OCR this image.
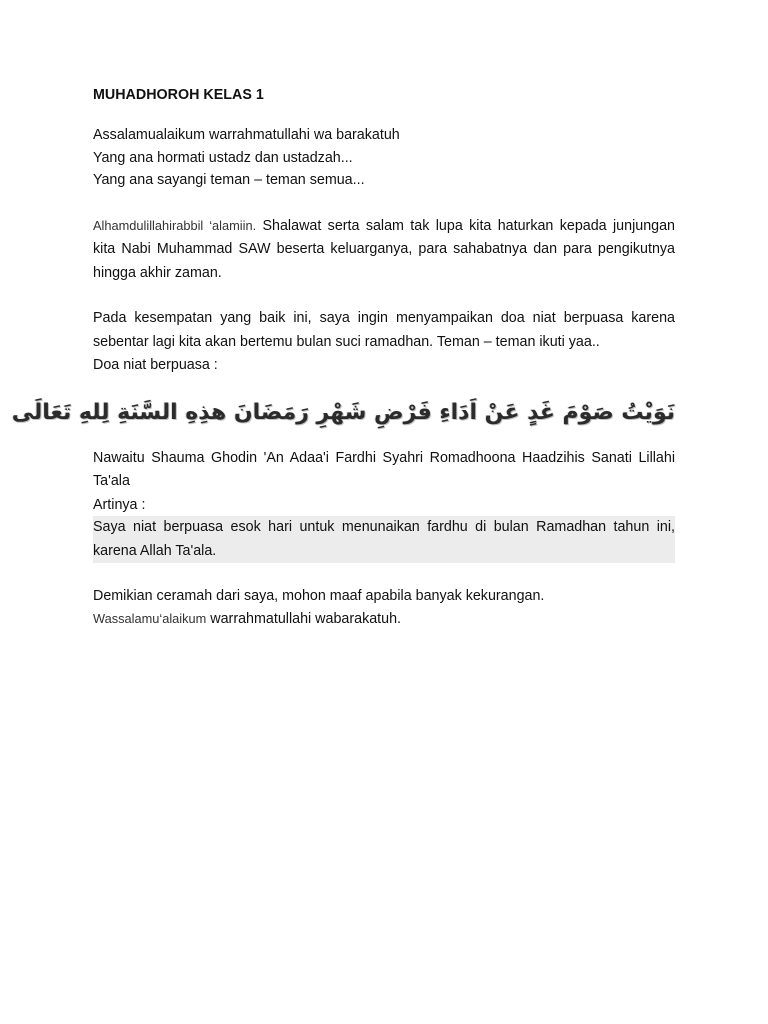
MUHADHOROH KELAS 1

Assalamualaikum warrahmatullahi wa barakatuh

Yang ana hormati ustadz dan ustadzah...

Yang ana sayangi teman – teman semua...

Alhamdulillahirabbil ‘alamiin. Shalawat serta salam tak lupa kita haturkan kepada junjungan kita Nabi Muhammad SAW beserta keluarganya, para sahabatnya dan para pengikutnya hingga akhir zaman.

Pada kesempatan yang baik ini, saya ingin menyampaikan doa niat berpuasa karena sebentar lagi kita akan bertemu bulan suci ramadhan. Teman – teman ikuti yaa..

Doa niat berpuasa :

نَوَيْتُ صَوْمَ غَدٍ عَنْ اَدَاءِ فَرْضِ شَهْرِ رَمَضَانَ هذِهِ السَّنَةِ لِلهِ تَعَالَى

Nawaitu Shauma Ghodin 'An Adaa'i Fardhi Syahri Romadhoona Haadzihis Sanati Lillahi Ta'ala

Artinya :

Saya niat berpuasa esok hari untuk menunaikan fardhu di bulan Ramadhan tahun ini, karena Allah Ta'ala.

Demikian ceramah dari saya, mohon maaf apabila banyak kekurangan.

Wassalamu‘alaikum warrahmatullahi wabarakatuh.
